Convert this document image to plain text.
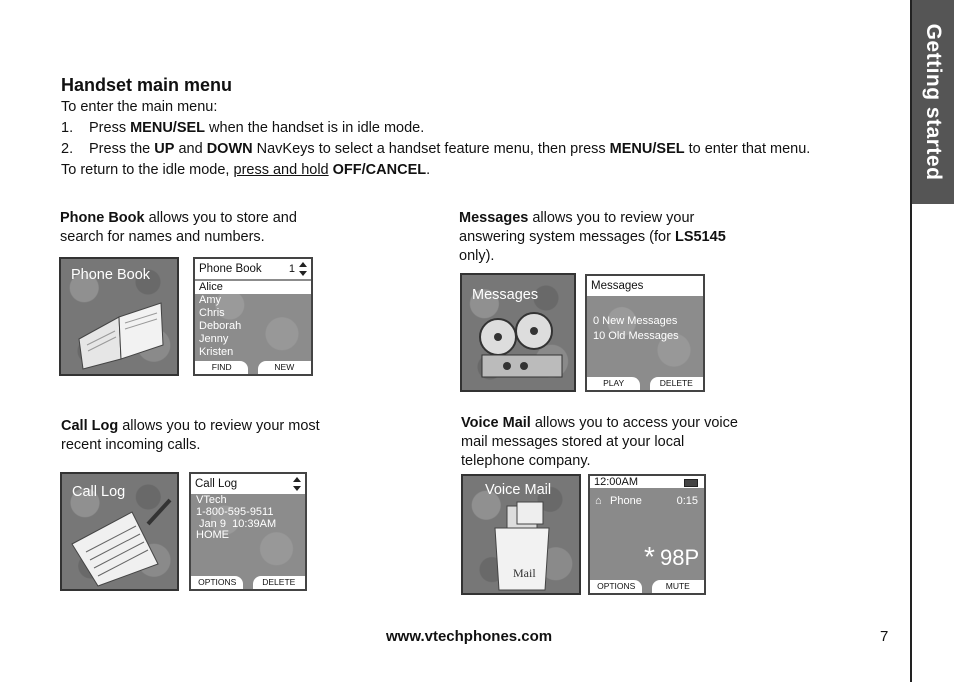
Getting started
Handset main menu
To enter the main menu:
1. Press MENU/SEL when the handset is in idle mode.
2. Press the UP and DOWN NavKeys to select a handset feature menu, then press MENU/SEL to enter that menu.
To return to the idle mode, press and hold OFF/CANCEL.
Phone Book allows you to store and search for names and numbers.
Phone Book	Phone Book	1
Alice
Amy
Chris
Deborah
Jenny
Kristen
FIND	NEW
Messages allows you to review your answering system messages (for LS5145 only).
Messages
Messages
0 New Messages
10 Old Messages
PLAY	DELETE
Call Log allows you to review your most recent incoming calls.
Call Log	Call Log
VTech
1-800-595-9511
Jan 9  10:39AM
HOME
OPTIONS	DELETE
Voice Mail allows you to access your voice mail messages stored at your local telephone company.
Mail
Voice Mail	12:00AM
⌂ Phone	0:15
* 98P
OPTIONS	MUTE
www.vtechphones.com	7
